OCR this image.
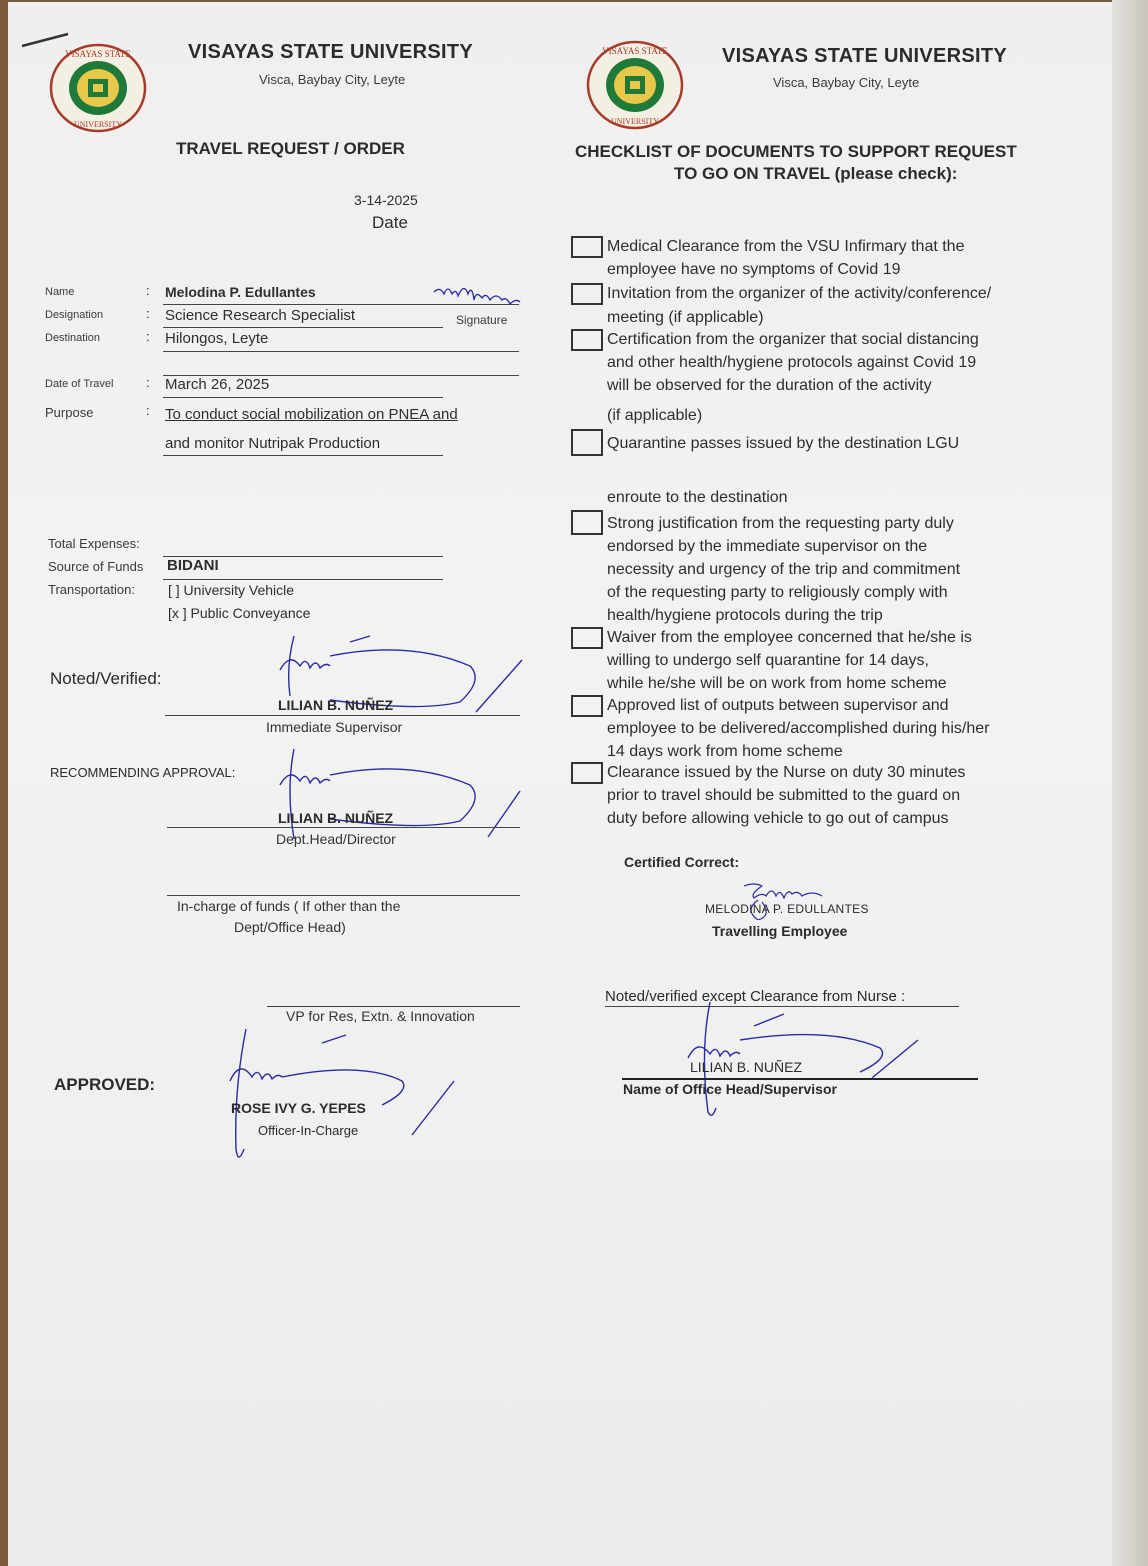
VISAYAS STATE
UNIVERSITY
VISAYAS STATE UNIVERSITY
Visca, Baybay City, Leyte
TRAVEL REQUEST / ORDER
3-14-2025
Date
Name	: Melodina P. Edullantes
Signature
Designation	: Science Research Specialist
Destination	: Hilongos, Leyte
Date of Travel	: March 26, 2025
Purpose	: To conduct social mobilization on PNEA and
and monitor Nutripak Production
Total Expenses:
Source of Funds BIDANI
Transportation: [ ] University Vehicle
[x ] Public Conveyance
Noted/Verified:
LILIAN B. NUÑEZ
Immediate Supervisor
RECOMMENDING APPROVAL:
LILIAN B. NUÑEZ
Dept.Head/Director
In-charge of funds ( If other than the
Dept/Office Head)
VP for Res, Extn. & Innovation
APPROVED:
ROSE IVY G. YEPES
Officer-In-Charge
VISAYAS STATE
UNIVERSITY
VISAYAS STATE UNIVERSITY
Visca, Baybay City, Leyte
CHECKLIST OF DOCUMENTS TO SUPPORT REQUEST
TO GO ON TRAVEL (please check):
Medical Clearance from the VSU Infirmary that the
employee have no symptoms of Covid 19
Invitation from the organizer of the activity/conference/
meeting (if applicable)
Certification from the organizer that social distancing
and other health/hygiene protocols against Covid 19
will be observed for the duration of the activity
(if applicable)
Quarantine passes issued by the destination LGU
enroute to the destination
Strong justification from the requesting party duly
endorsed by the immediate supervisor on the
necessity and urgency of the trip and commitment
of the requesting party to religiously comply with
health/hygiene protocols during the trip
Waiver from the employee concerned that he/she is
willing to undergo self quarantine for 14 days,
while he/she will be on work from home scheme
Approved list of outputs between supervisor and
employee to be delivered/accomplished during his/her
14 days work from home scheme
Clearance issued by the Nurse on duty 30 minutes
prior to travel should be submitted to the guard on
duty before allowing vehicle to go out of campus
Certified Correct:
MELODINA P. EDULLANTES
Travelling Employee
Noted/verified except Clearance from Nurse :
LILIAN B. NUÑEZ
Name of Office Head/Supervisor
